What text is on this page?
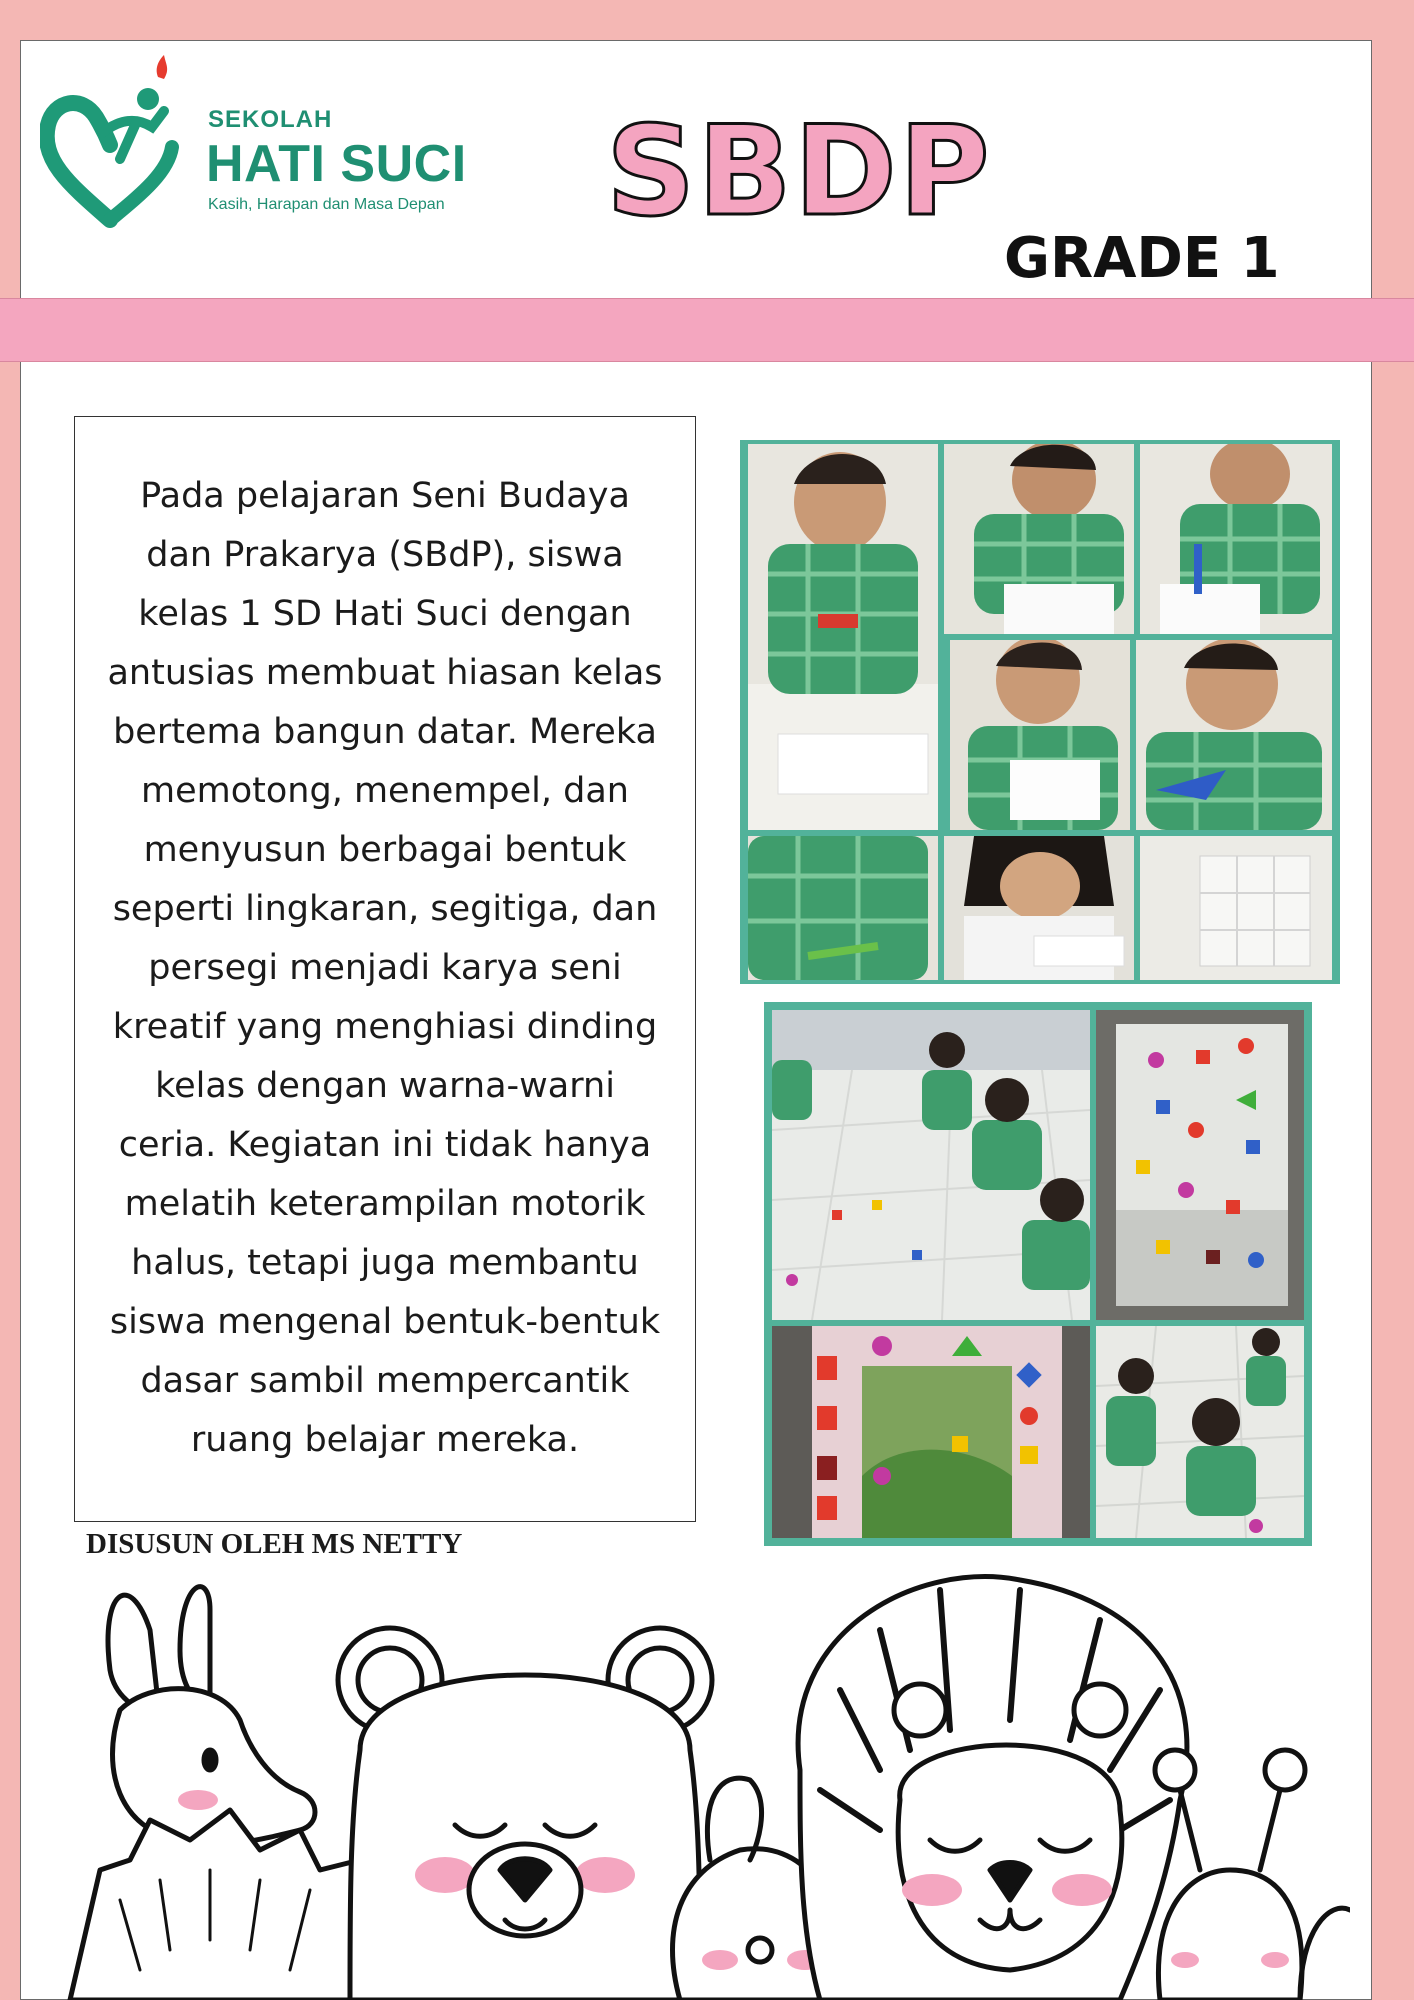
SEKOLAH
HATI SUCI
Kasih, Harapan dan Masa Depan SBDP
GRADE 1
Pada pelajaran Seni Budaya
dan Prakarya (SBdP), siswa
kelas 1 SD Hati Suci dengan
antusias membuat hiasan kelas
bertema bangun datar. Mereka
memotong, menempel, dan
menyusun berbagai bentuk
seperti lingkaran, segitiga, dan
persegi menjadi karya seni
kreatif yang menghiasi dinding
kelas dengan warna-warni
ceria. Kegiatan ini tidak hanya
melatih keterampilan motorik
halus, tetapi juga membantu
siswa mengenal bentuk-bentuk
dasar sambil mempercantik
ruang belajar mereka.
DISUSUN OLEH MS NETTY
